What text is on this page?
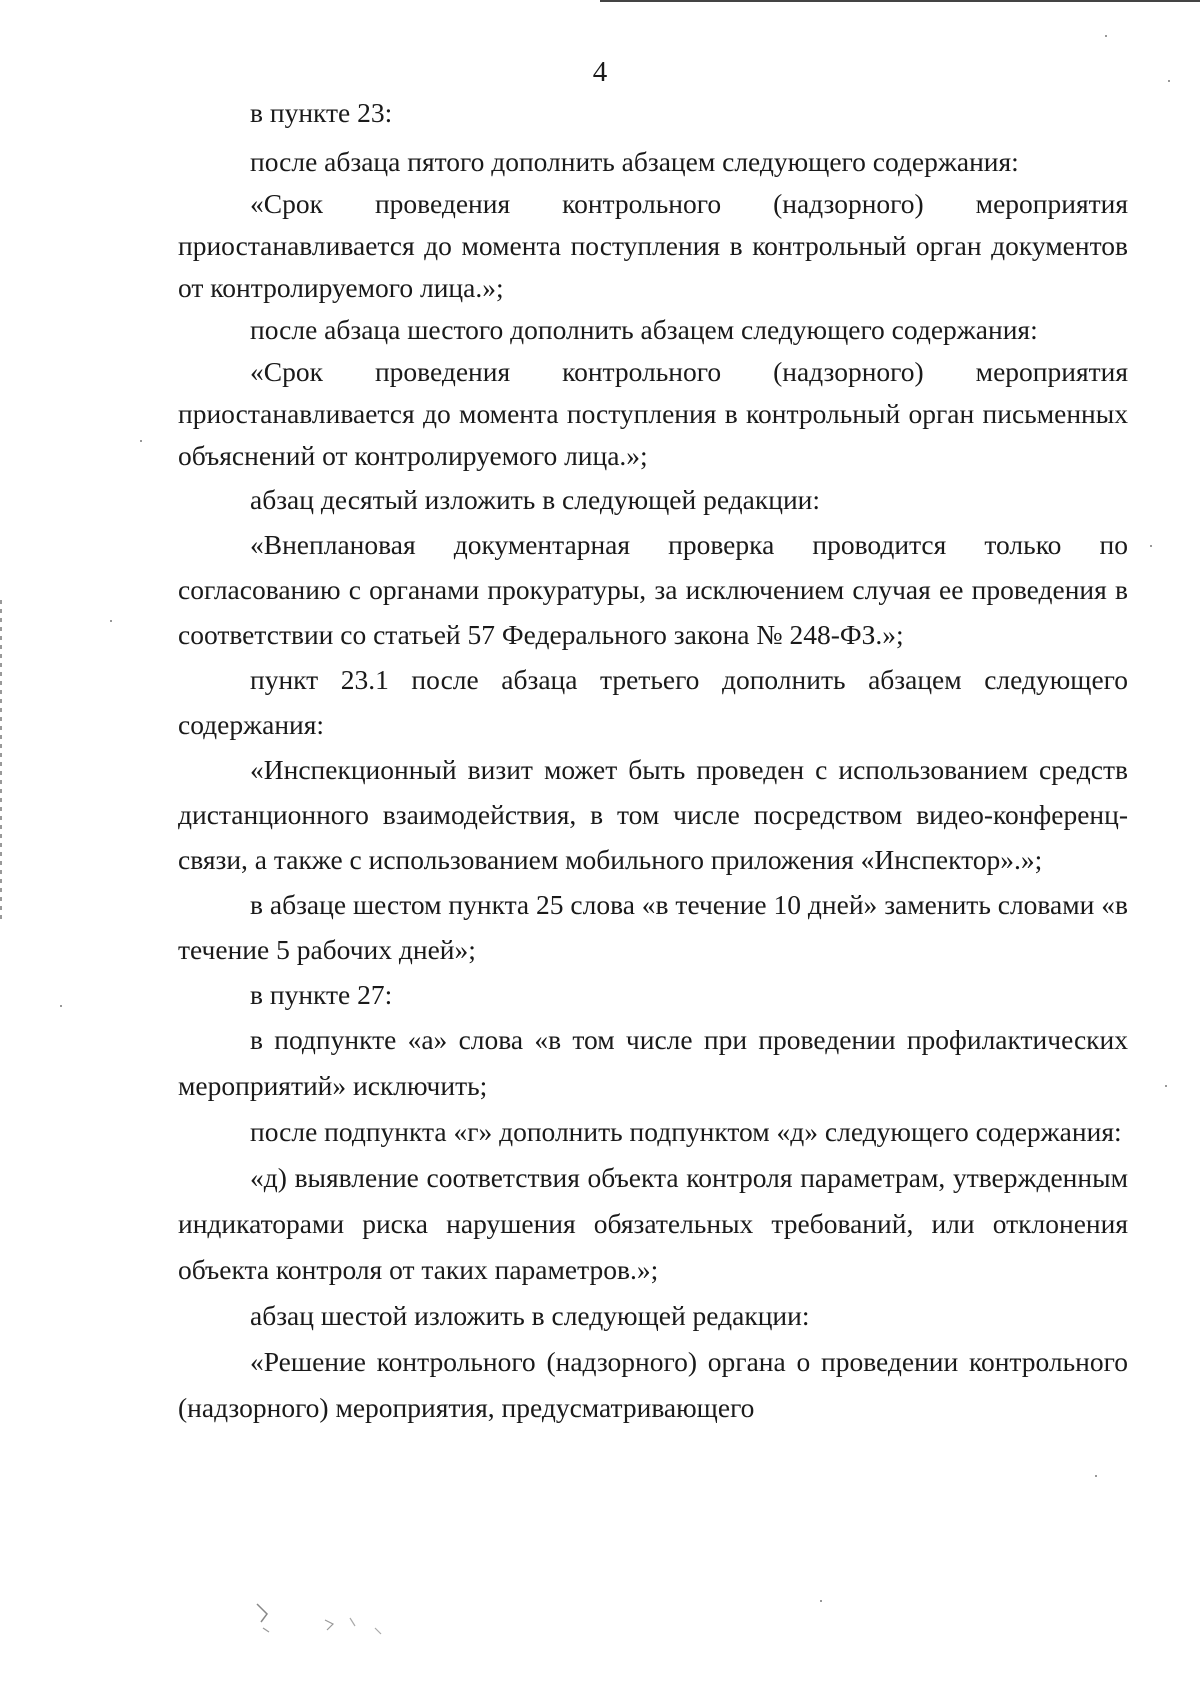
4

в пункте 23:

после абзаца пятого дополнить абзацем следующего содержания:

«Срок проведения контрольного (надзорного) мероприятия приостанавливается до момента поступления в контрольный орган документов от контролируемого лица.»;

после абзаца шестого дополнить абзацем следующего содержания:

«Срок проведения контрольного (надзорного) мероприятия приостанавливается до момента поступления в контрольный орган письменных объяснений от контролируемого лица.»;

абзац десятый изложить в следующей редакции:

«Внеплановая документарная проверка проводится только по согласованию с органами прокуратуры, за исключением случая ее проведения в соответствии со статьей 57 Федерального закона № 248-ФЗ.»;

пункт 23.1 после абзаца третьего дополнить абзацем следующего содержания:

«Инспекционный визит может быть проведен с использованием средств дистанционного взаимодействия, в том числе посредством видео-конференц-связи, а также с использованием мобильного приложения «Инспектор».»;

в абзаце шестом пункта 25 слова «в течение 10 дней» заменить словами «в течение 5 рабочих дней»;

в пункте 27:

в подпункте «а» слова «в том числе при проведении профилактических мероприятий» исключить;

после подпункта «г» дополнить подпунктом «д» следующего содержания:

«д) выявление соответствия объекта контроля параметрам, утвержденным индикаторами риска нарушения обязательных требований, или отклонения объекта контроля от таких параметров.»;

абзац шестой изложить в следующей редакции:

«Решение контрольного (надзорного) органа о проведении контрольного (надзорного) мероприятия, предусматривающего
